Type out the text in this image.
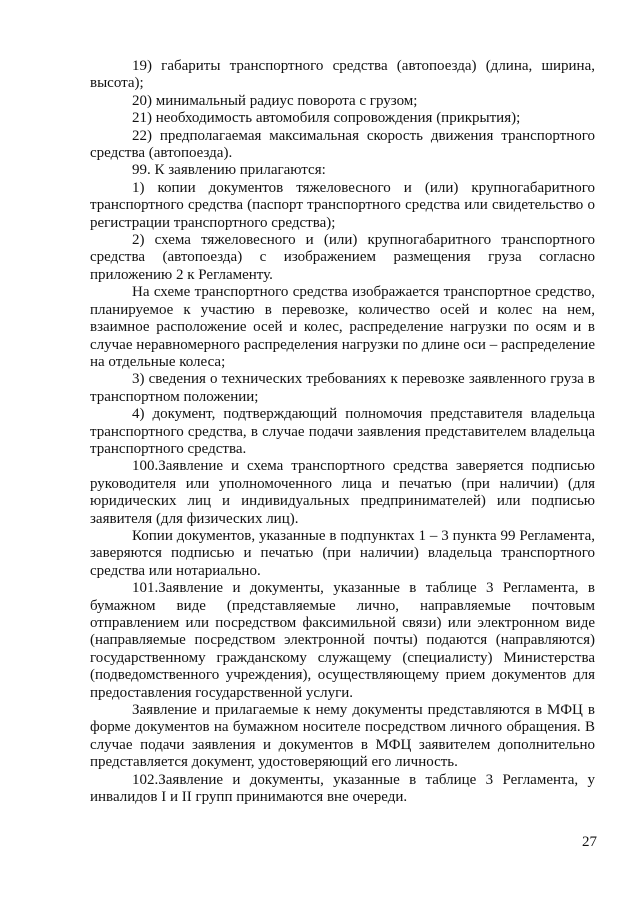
19) габариты транспортного средства (автопоезда) (длина, ширина, высота);

20) минимальный радиус поворота с грузом;

21) необходимость автомобиля сопровождения (прикрытия);

22) предполагаемая максимальная скорость движения транспортного средства (автопоезда).

99. К заявлению прилагаются:

1) копии документов тяжеловесного и (или) крупногабаритного транспортного средства (паспорт транспортного средства или свидетельство о регистрации транспортного средства);

2) схема тяжеловесного и (или) крупногабаритного транспортного средства (автопоезда) с изображением размещения груза согласно приложению 2 к Регламенту.

На схеме транспортного средства изображается транспортное средство, планируемое к участию в перевозке, количество осей и колес на нем, взаимное расположение осей и колес, распределение нагрузки по осям и в случае неравномерного распределения нагрузки по длине оси – распределение на отдельные колеса;

3) сведения о технических требованиях к перевозке заявленного груза в транспортном положении;

4) документ, подтверждающий полномочия представителя владельца транспортного средства, в случае подачи заявления представителем владельца транспортного средства.

100.Заявление и схема транспортного средства заверяется подписью руководителя или уполномоченного лица и печатью (при наличии) (для юридических лиц и индивидуальных предпринимателей) или подписью заявителя (для физических лиц).

Копии документов, указанные в подпунктах 1 – 3 пункта 99 Регламента, заверяются подписью и печатью (при наличии) владельца транспортного средства или нотариально.

101.Заявление и документы, указанные в таблице 3 Регламента, в бумажном виде (представляемые лично, направляемые почтовым отправлением или посредством факсимильной связи) или электронном виде (направляемые посредством электронной почты) подаются (направляются) государственному гражданскому служащему (специалисту) Министерства (подведомственного учреждения), осуществляющему прием документов для предоставления государственной услуги.

Заявление и прилагаемые к нему документы представляются в МФЦ в форме документов на бумажном носителе посредством личного обращения. В случае подачи заявления и документов в МФЦ заявителем дополнительно представляется документ, удостоверяющий его личность.

102.Заявление и документы, указанные в таблице 3 Регламента, у инвалидов I и II групп принимаются вне очереди.

27
